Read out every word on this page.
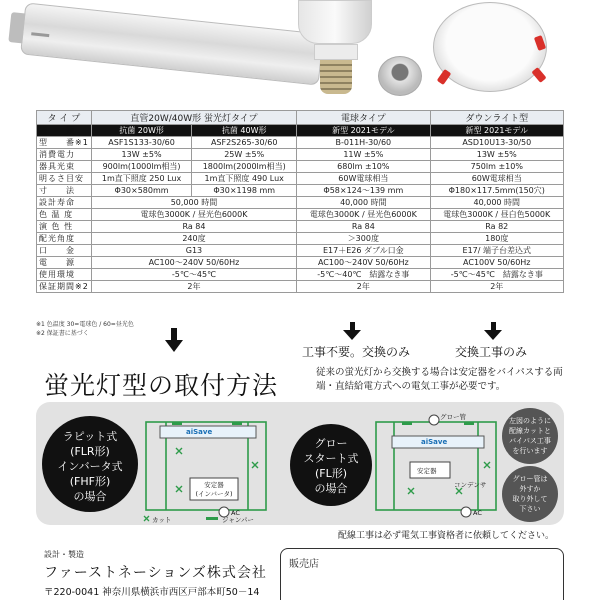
タ イ プ	直管20W/40W形 蛍光灯タイプ		電球タイプ	ダウンライト型
種　　類	抗菌 20W形	抗菌 40W形	新型 2021モデル	新型 2021モデル
型　　番※1	ASF1S133-30/60	ASF2S265-30/60	B-011H-30/60	ASD10U13-30/50
消費電力	13W ±5%	25W ±5%	11W ±5%	13W ±5%
器具光束	900lm(1000lm相当)	1800lm(2000lm相当)	680lm ±10%	750lm ±10%
明るさ目安	1m直下照度 250 Lux	1m直下照度 490 Lux	60W電球相当	60W電球相当
寸　　法	Φ30×580mm	Φ30×1198 mm	Φ58×124～139 mm	Φ180×117.5mm(150穴)
設計寿命	50,000 時間		40,000 時間	40,000 時間
色 温 度	電球色3000K / 昼光色6000K		電球色3000K / 昼光色6000K	電球色3000K / 昼白色5000K
演 色 性	Ra 84		Ra 84	Ra 82
配光角度	240度		＞300度	180度
口　　金	G13		E17＋E26 ダブル口金	E17/ 端子台差込式
電　　源	AC100～240V 50/60Hz		AC100～240V 50/60Hz	AC100V 50/60Hz
使用環境	-5℃～45℃		-5℃～40℃　結露なき事	-5℃～45℃　結露なき事
保証期間※2	2年		2年	2年
※1 色温度 30=電球色 / 60=昼光色
※2 保証書に基づく
工事不要。交換のみ	交換工事のみ
蛍光灯型の取付方法	従来の蛍光灯から交換する場合は安定器をバイパスする両端・直結給電方式への電気工事が必要です。
ラピット式
(FLR形)
インバータ式
(FHF形)
の場合
グロー
スタート式
(FL形)
の場合
aiSave
aiSave
安定器
(インバータ)
安定器
グロー管
コンデンサ
AC	AC
カット	ジャンパー
左図のように
配線カットと
バイパス工事
を行います
グロー管は
外すか
取り外して
下さい
配線工事は必ず電気工事資格者に依頼してください。
設計・製造
ファーストネーションズ株式会社
〒220-0041 神奈川県横浜市西区戸部本町50－14
販売店
